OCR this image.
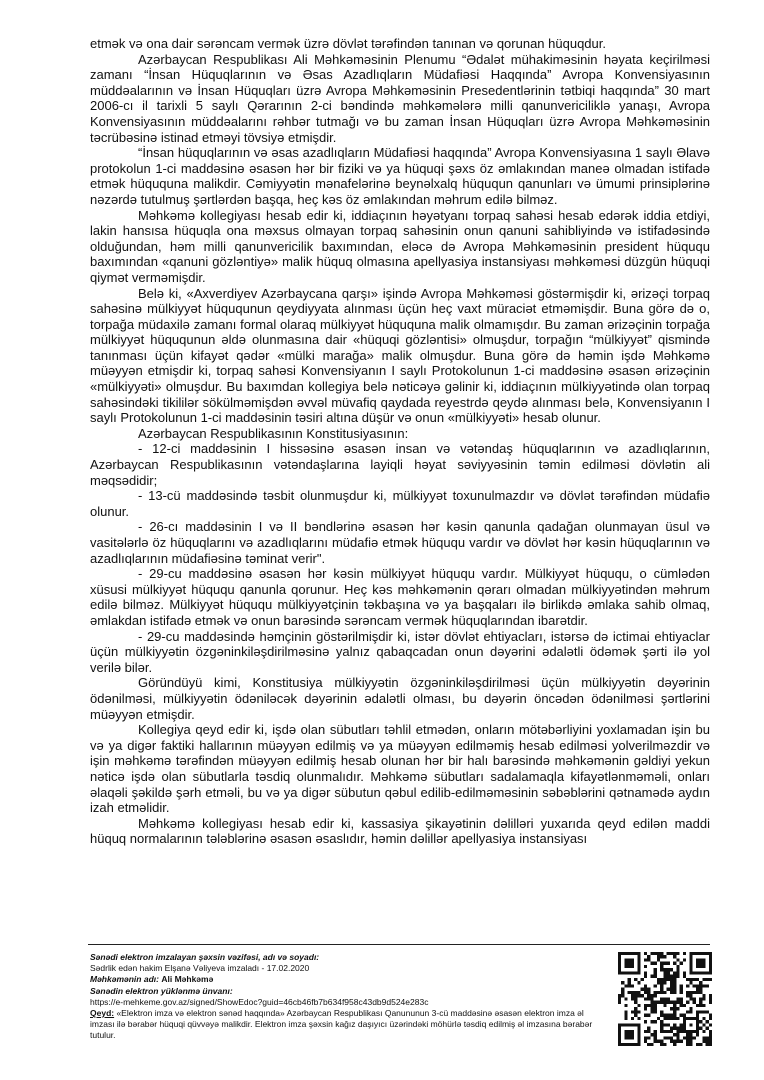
etmək və ona dair sərəncam vermək üzrə dövlət tərəfindən tanınan və qorunan hüquqdur.

Azərbaycan Respublikası Ali Məhkəməsinin Plenumu “Ədalət mühakiməsinin həyata keçirilməsi zamanı “İnsan Hüquqlarının və Əsas Azadlıqların Müdafiəsi Haqqında” Avropa Konvensiyasının müddəalarının və İnsan Hüquqları üzrə Avropa Məhkəməsinin Presedentlərinin tətbiqi haqqında” 30 mart 2006-cı il tarixli 5 saylı Qərarının 2-ci bəndində məhkəmələrə milli qanunvericiliklə yanaşı, Avropa Konvensiyasının müddəalarını rəhbər tutmağı və bu zaman İnsan Hüquqları üzrə Avropa Məhkəməsinin təcrübəsinə istinad etməyi tövsiyə etmişdir.

“İnsan hüquqlarının və əsas azadlıqların Müdafiəsi haqqında” Avropa Konvensiyasına 1 saylı Əlavə protokolun 1-ci maddəsinə əsasən hər bir fiziki və ya hüquqi şəxs öz əmlakından maneə olmadan istifadə etmək hüququna malikdir. Cəmiyyətin mənafelərinə beynəlxalq hüququn qanunları və ümumi prinsiplərinə nəzərdə tutulmuş şərtlərdən başqa, heç kəs öz əmlakından məhrum edilə bilməz.

Məhkəmə kollegiyası hesab edir ki, iddiaçının həyətyanı torpaq sahəsi hesab edərək iddia etdiyi, lakin hansısa hüquqla ona məxsus olmayan torpaq sahəsinin onun qanuni sahibliyində və istifadəsində olduğundan, həm milli qanunvericilik baxımından, eləcə də Avropa Məhkəməsinin president hüququ baxımından «qanuni gözləntiyə» malik hüquq olmasına apellyasiya instansiyası məhkəməsi düzgün hüquqi qiymət verməmişdir.

Belə ki, «Axverdiyev Azərbaycana qarşı» işində Avropa Məhkəməsi göstərmişdir ki, ərizəçi torpaq sahəsinə mülkiyyət hüququnun qeydiyyata alınması üçün heç vaxt müraciət etməmişdir. Buna görə də o, torpağa müdaxilə zamanı formal olaraq mülkiyyət hüququna malik olmamışdır. Bu zaman ərizəçinin torpağa mülkiyyət hüququnun əldə olunmasına dair «hüquqi gözləntisi» olmuşdur, torpağın “mülkiyyət” qismində tanınması üçün kifayət qədər «mülki marağa» malik olmuşdur. Buna görə də həmin işdə Məhkəmə müəyyən etmişdir ki, torpaq sahəsi Konvensiyanın I saylı Protokolunun 1-ci maddəsinə əsasən ərizəçinin «mülkiyyəti» olmuşdur. Bu baxımdan kollegiya belə nəticəyə gəlinir ki, iddiaçının mülkiyyətində olan torpaq sahəsindəki tikililər sökülməmişdən əvvəl müvafiq qaydada reyestrdə qeydə alınması belə, Konvensiyanın I saylı Protokolunun 1-ci maddəsinin təsiri altına düşür və onun «mülkiyyəti» hesab olunur.

Azərbaycan Respublikasının Konstitusiyasının:

- 12-ci maddəsinin I hissəsinə əsasən insan və vətəndaş hüquqlarının və azadlıqlarının, Azərbaycan Respublikasının vətəndaşlarına layiqli həyat səviyyəsinin təmin edilməsi dövlətin ali məqsədidir;

- 13-cü maddəsində təsbit olunmuşdur ki, mülkiyyət toxunulmazdır və dövlət tərəfindən müdafiə olunur.

- 26-cı maddəsinin I və II bəndlərinə əsasən hər kəsin qanunla qadağan olunmayan üsul və vasitələrlə öz hüquqlarını və azadlıqlarını müdafiə etmək hüququ vardır və dövlət hər kəsin hüquqlarının və azadlıqlarının müdafiəsinə təminat verir".

- 29-cu maddəsinə əsasən hər kəsin mülkiyyət hüququ vardır. Mülkiyyət hüququ, o cümlədən xüsusi mülkiyyət hüququ qanunla qorunur. Heç kəs məhkəmənin qərarı olmadan mülkiyyətindən məhrum edilə bilməz. Mülkiyyət hüququ mülkiyyətçinin təkbaşına və ya başqaları ilə birlikdə əmlaka sahib olmaq, əmlakdan istifadə etmək və onun barəsində sərəncam vermək hüquqlarından ibarətdir.

- 29-cu maddəsində həmçinin göstərilmişdir ki, istər dövlət ehtiyacları, istərsə də ictimai ehtiyaclar üçün mülkiyyətin özgəninkiləşdirilməsinə yalnız qabaqcadan onun dəyərini ədalətli ödəmək şərti ilə yol verilə bilər.

Göründüyü kimi, Konstitusiya mülkiyyətin özgəninkiləşdirilməsi üçün mülkiyyətin dəyərinin ödənilməsi, mülkiyyətin ödəniləcək dəyərinin ədalətli olması, bu dəyərin öncədən ödənilməsi şərtlərini müəyyən etmişdir.

Kollegiya qeyd edir ki, işdə olan sübutları təhlil etmədən, onların mötəbərliyini yoxlamadan işin bu və ya digər faktiki hallarının müəyyən edilmiş və ya müəyyən edilməmiş hesab edilməsi yolverilməzdir və işin məhkəmə tərəfindən müəyyən edilmiş hesab olunan hər bir halı barəsində məhkəmənin gəldiyi yekun nəticə işdə olan sübutlarla təsdiq olunmalıdır. Məhkəmə sübutları sadalamaqla kifayətlənməməli, onları əlaqəli şəkildə şərh etməli, bu və ya digər sübutun qəbul edilib-edilməməsinin səbəblərini qətnamədə aydın izah etməlidir.

Məhkəmə kollegiyası hesab edir ki, kassasiya şikayətinin dəlilləri yuxarıda qeyd edilən maddi hüquq normalarının tələblərinə əsasən əsaslıdır, həmin dəlillər apellyasiya instansiyası

Sənədi elektron imzalayan şəxsin vəzifəsi, adı və soyadı:
Sədrlik edən hakim Elşanə Vəliyeva imzaladı - 17.02.2020
Məhkəmənin adı: Ali Məhkəmə
Sənədin elektron yüklənmə ünvanı:
https://e-mehkeme.gov.az/signed/ShowEdoc?guid=46cb46fb7b634f958c43db9d524e283c
Qeyd: «Elektron imza və elektron sənəd haqqında» Azərbaycan Respublikası Qanununun 3-cü maddəsinə əsasən elektron imza əl imzası ilə bərabər hüquqi qüvvəyə malikdir. Elektron imza şəxsin kağız daşıyıcı üzərindəki möhürlə təsdiq edilmiş əl imzasına bərabər tutulur.
